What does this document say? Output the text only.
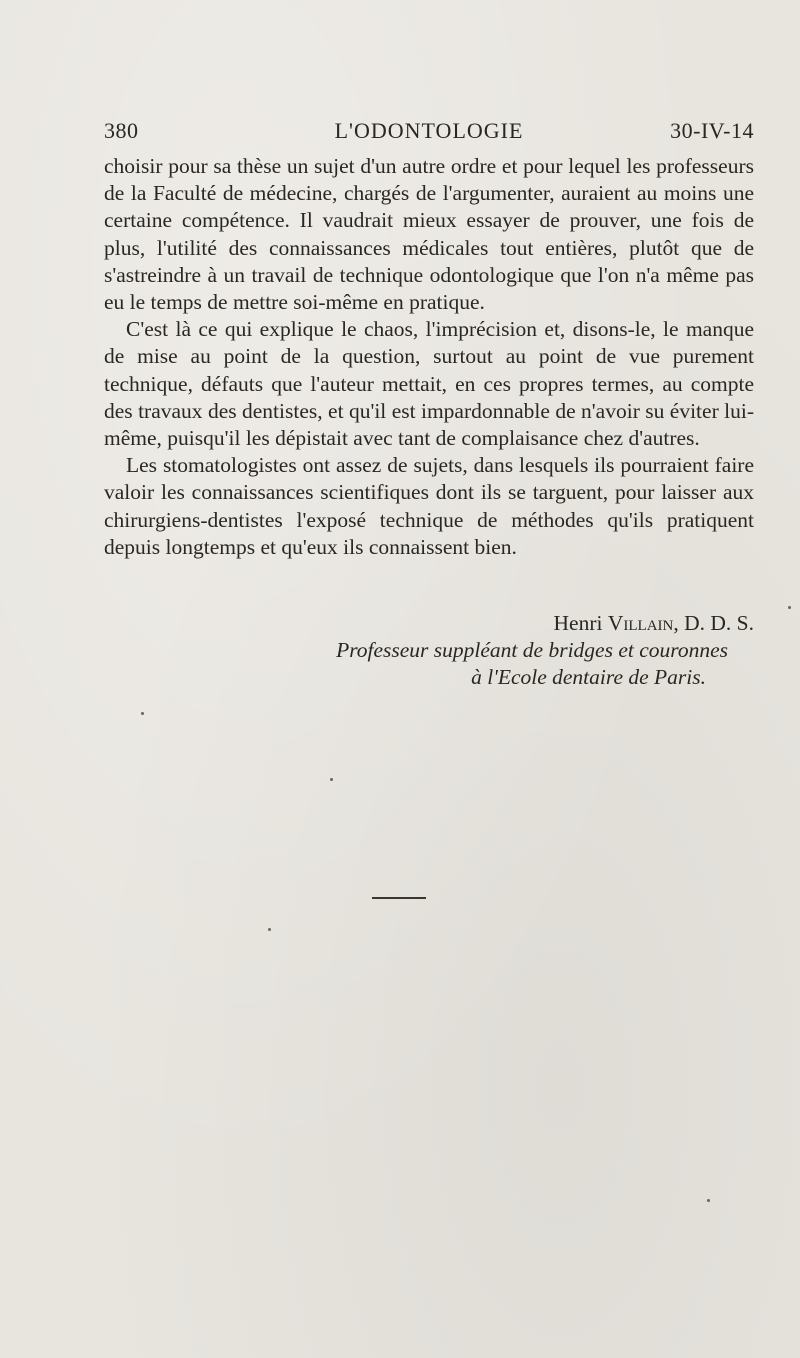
380	L'ODONTOLOGIE	30-IV-14

choisir pour sa thèse un sujet d'un autre ordre et pour lequel les professeurs de la Faculté de médecine, chargés de l'argumenter, auraient au moins une certaine compétence. Il vaudrait mieux essayer de prouver, une fois de plus, l'utilité des connaissances médicales tout entières, plutôt que de s'astreindre à un travail de technique odontologique que l'on n'a même pas eu le temps de mettre soi-même en pratique.

C'est là ce qui explique le chaos, l'imprécision et, disons-le, le manque de mise au point de la question, surtout au point de vue purement technique, défauts que l'auteur mettait, en ces propres termes, au compte des travaux des dentistes, et qu'il est impardonnable de n'avoir su éviter lui-même, puisqu'il les dépistait avec tant de complaisance chez d'autres.

Les stomatologistes ont assez de sujets, dans lesquels ils pourraient faire valoir les connaissances scientifiques dont ils se targuent, pour laisser aux chirurgiens-dentistes l'exposé technique de méthodes qu'ils pratiquent depuis longtemps et qu'eux ils connaissent bien.

Henri Villain, D. D. S.
Professeur suppléant de bridges et couronnes
à l'Ecole dentaire de Paris.
